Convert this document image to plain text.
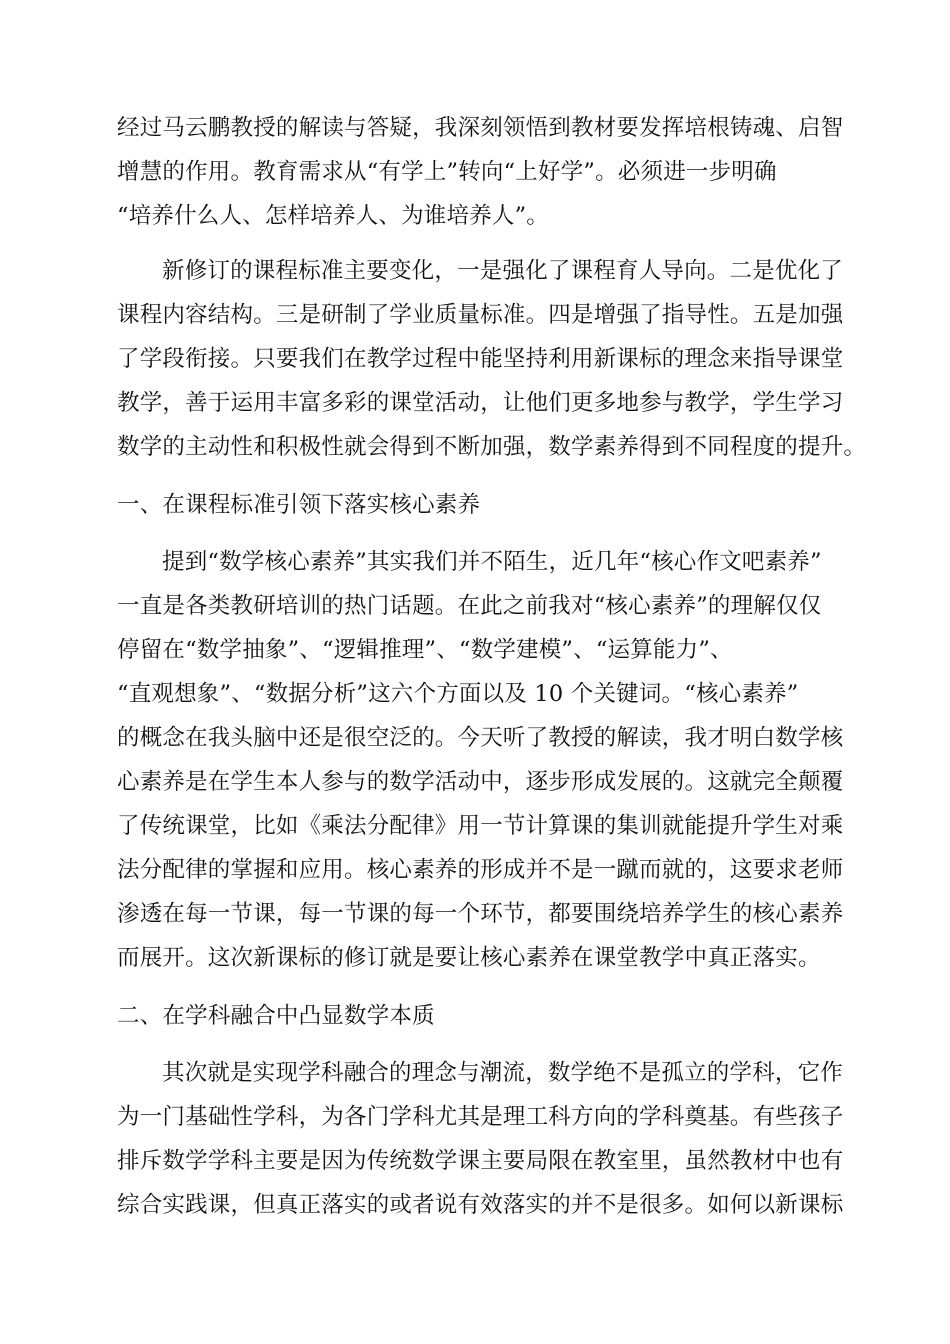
经过马云鹏教授的解读与答疑，我深刻领悟到教材要发挥培根铸魂、启智
增慧的作用。教育需求从“有学上”转向“上好学”。必须进一步明确
“培养什么人、怎样培养人、为谁培养人”。
新修订的课程标准主要变化，一是强化了课程育人导向。二是优化了
课程内容结构。三是研制了学业质量标准。四是增强了指导性。五是加强
了学段衔接。只要我们在教学过程中能坚持利用新课标的理念来指导课堂
教学，善于运用丰富多彩的课堂活动，让他们更多地参与教学，学生学习
数学的主动性和积极性就会得到不断加强，数学素养得到不同程度的提升。
一、在课程标准引领下落实核心素养
提到“数学核心素养”其实我们并不陌生，近几年“核心作文吧素养”
一直是各类教研培训的热门话题。在此之前我对“核心素养”的理解仅仅
停留在“数学抽象”、“逻辑推理”、“数学建模”、“运算能力”、
“直观想象”、“数据分析”这六个方面以及 10 个关键词。“核心素养”
的概念在我头脑中还是很空泛的。今天听了教授的解读，我才明白数学核
心素养是在学生本人参与的数学活动中，逐步形成发展的。这就完全颠覆
了传统课堂，比如《乘法分配律》用一节计算课的集训就能提升学生对乘
法分配律的掌握和应用。核心素养的形成并不是一蹴而就的，这要求老师
渗透在每一节课，每一节课的每一个环节，都要围绕培养学生的核心素养
而展开。这次新课标的修订就是要让核心素养在课堂教学中真正落实。
二、在学科融合中凸显数学本质
其次就是实现学科融合的理念与潮流，数学绝不是孤立的学科，它作
为一门基础性学科，为各门学科尤其是理工科方向的学科奠基。有些孩子
排斥数学学科主要是因为传统数学课主要局限在教室里，虽然教材中也有
综合实践课，但真正落实的或者说有效落实的并不是很多。如何以新课标
